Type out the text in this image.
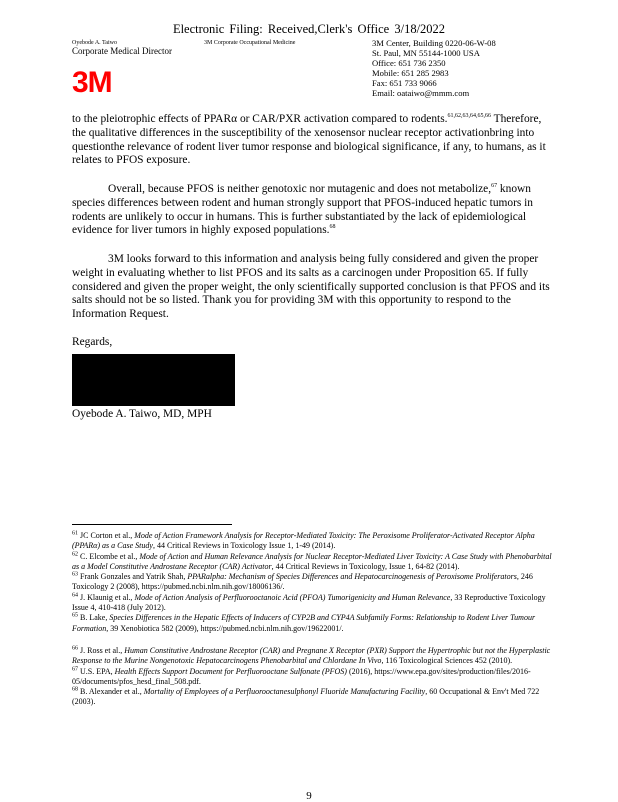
Electronic Filing: Received,Clerk's Office 3/18/2022
Oyebode A. Taiwo	3M Corporate Occupational Medicine
Corporate Medical Director
3M Center, Building 0220-06-W-08
St. Paul, MN 55144-1000 USA
Office: 651 736 2350
Mobile: 651 285 2983
Fax: 651 733 9066
Email: oataiwo@mmm.com
3M
to the pleiotrophic effects of PPARα or CAR/PXR activation compared to rodents.$^{61,62,63,64,65,66}$ Therefore, the qualitative differences in the susceptibility of the xenosensor nuclear receptor activationbring into questionthe relevance of rodent liver tumor response and biological significance, if any, to humans, as it relates to PFOS exposure.
Overall, because PFOS is neither genotoxic nor mutagenic and does not metabolize,$^{67}$ known species differences between rodent and human strongly support that PFOS-induced hepatic tumors in rodents are unlikely to occur in humans. This is further substantiated by the lack of epidemiological evidence for liver tumors in highly exposed populations.$^{68}$
3M looks forward to this information and analysis being fully considered and given the proper weight in evaluating whether to list PFOS and its salts as a carcinogen under Proposition 65. If fully considered and given the proper weight, the only scientifically supported conclusion is that PFOS and its salts should not be so listed. Thank you for providing 3M with this opportunity to respond to the Information Request.
Regards,
Oyebode A. Taiwo, MD, MPH

$^{61}$ JC Corton et al., Mode of Action Framework Analysis for Receptor-Mediated Toxicity: The Peroxisome Proliferator-Activated Receptor Alpha (PPARα) as a Case Study, 44 Critical Reviews in Toxicology Issue 1, 1-49 (2014).

$^{62}$ C. Elcombe et al., Mode of Action and Human Relevance Analysis for Nuclear Receptor-Mediated Liver Toxicity: A Case Study with Phenobarbital as a Model Constitutive Androstane Receptor (CAR) Activator, 44 Critical Reviews in Toxicology, Issue 1, 64-82 (2014).

$^{63}$ Frank Gonzales and Yatrik Shah, PPARalpha: Mechanism of Species Differences and Hepatocarcinogenesis of Peroxisome Proliferators, 246 Toxicology 2 (2008), https://pubmed.ncbi.nlm.nih.gov/18006136/.

$^{64}$ J. Klaunig et al., Mode of Action Analysis of Perfluorooctanoic Acid (PFOA) Tumorigenicity and Human Relevance, 33 Reproductive Toxicology Issue 4, 410-418 (July 2012).

$^{65}$ B. Lake, Species Differences in the Hepatic Effects of Inducers of CYP2B and CYP4A Subfamily Forms: Relationship to Rodent Liver Tumour Formation, 39 Xenobiotica 582 (2009), https://pubmed.ncbi.nlm.nih.gov/19622001/.

$^{66}$ J. Ross et al., Human Constitutive Androstane Receptor (CAR) and Pregnane X Receptor (PXR) Support the Hypertrophic but not the Hyperplastic Response to the Murine Nongenotoxic Hepatocarcinogens Phenobarbital and Chlordane In Vivo, 116 Toxicological Sciences 452 (2010).

$^{67}$ U.S. EPA, Health Effects Support Document for Perfluorooctane Sulfonate (PFOS) (2016), https://www.epa.gov/sites/production/files/2016-05/documents/pfos_hesd_final_508.pdf.

$^{68}$ B. Alexander et al., Mortality of Employees of a Perfluorooctanesulphonyl Fluoride Manufacturing Facility, 60 Occupational & Env't Med 722 (2003).

9
